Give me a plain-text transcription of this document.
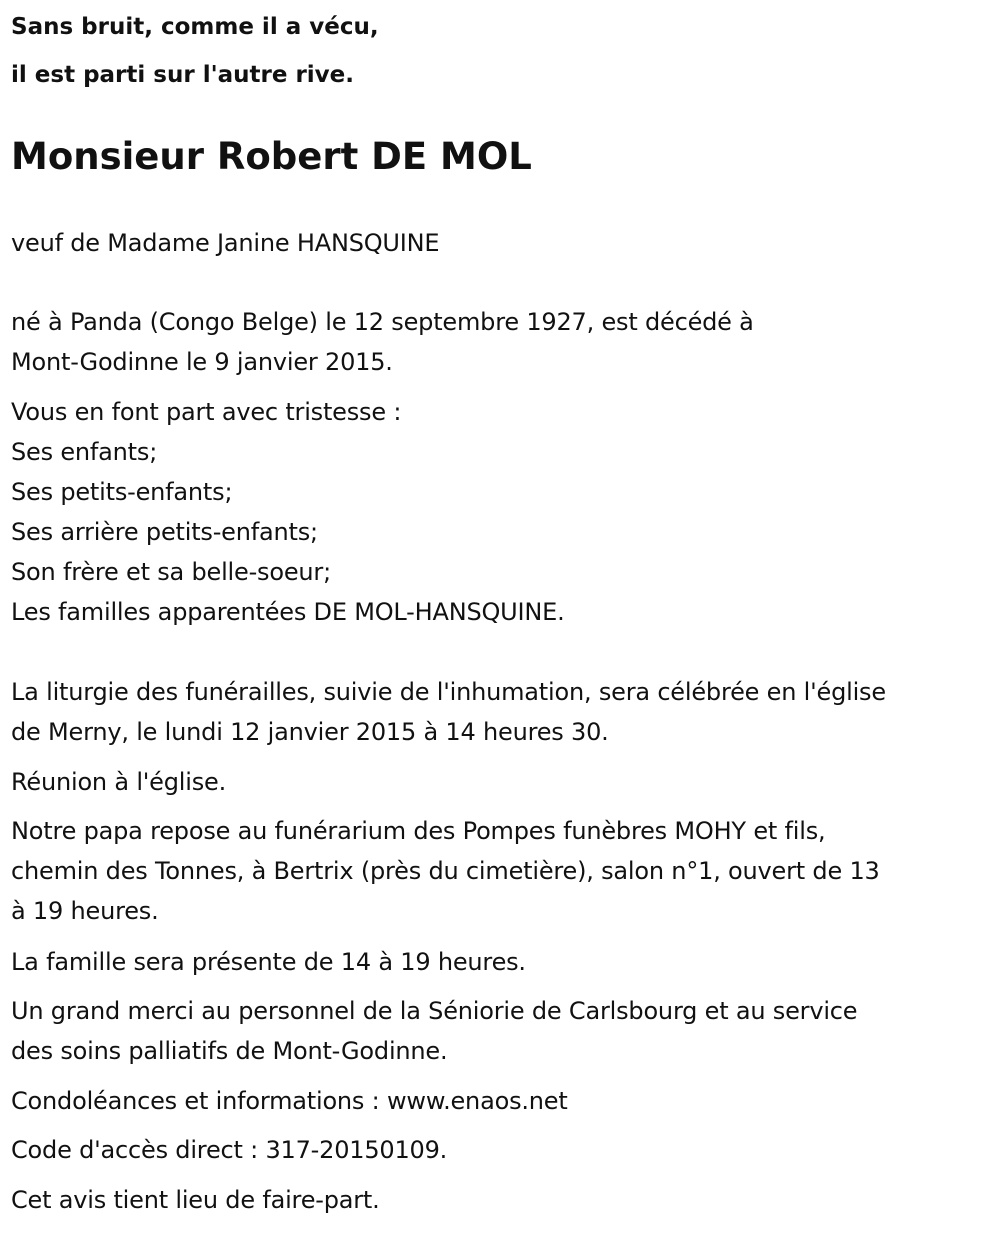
Sans bruit, comme il a vécu,

il est parti sur l'autre rive.

Monsieur Robert DE MOL

veuf de Madame Janine HANSQUINE

né à Panda (Congo Belge) le 12 septembre 1927, est décédé à
Mont-Godinne le 9 janvier 2015.

Vous en font part avec tristesse :
Ses enfants;
Ses petits-enfants;
Ses arrière petits-enfants;
Son frère et sa belle-soeur;
Les familles apparentées DE MOL-HANSQUINE.

La liturgie des funérailles, suivie de l'inhumation, sera célébrée en l'église
de Merny, le lundi 12 janvier 2015 à 14 heures 30.

Réunion à l'église.

Notre papa repose au funérarium des Pompes funèbres MOHY et fils,
chemin des Tonnes, à Bertrix (près du cimetière), salon n°1, ouvert de 13
à 19 heures.

La famille sera présente de 14 à 19 heures.

Un grand merci au personnel de la Séniorie de Carlsbourg et au service
des soins palliatifs de Mont-Godinne.

Condoléances et informations : www.enaos.net

Code d'accès direct : 317-20150109.

Cet avis tient lieu de faire-part.
